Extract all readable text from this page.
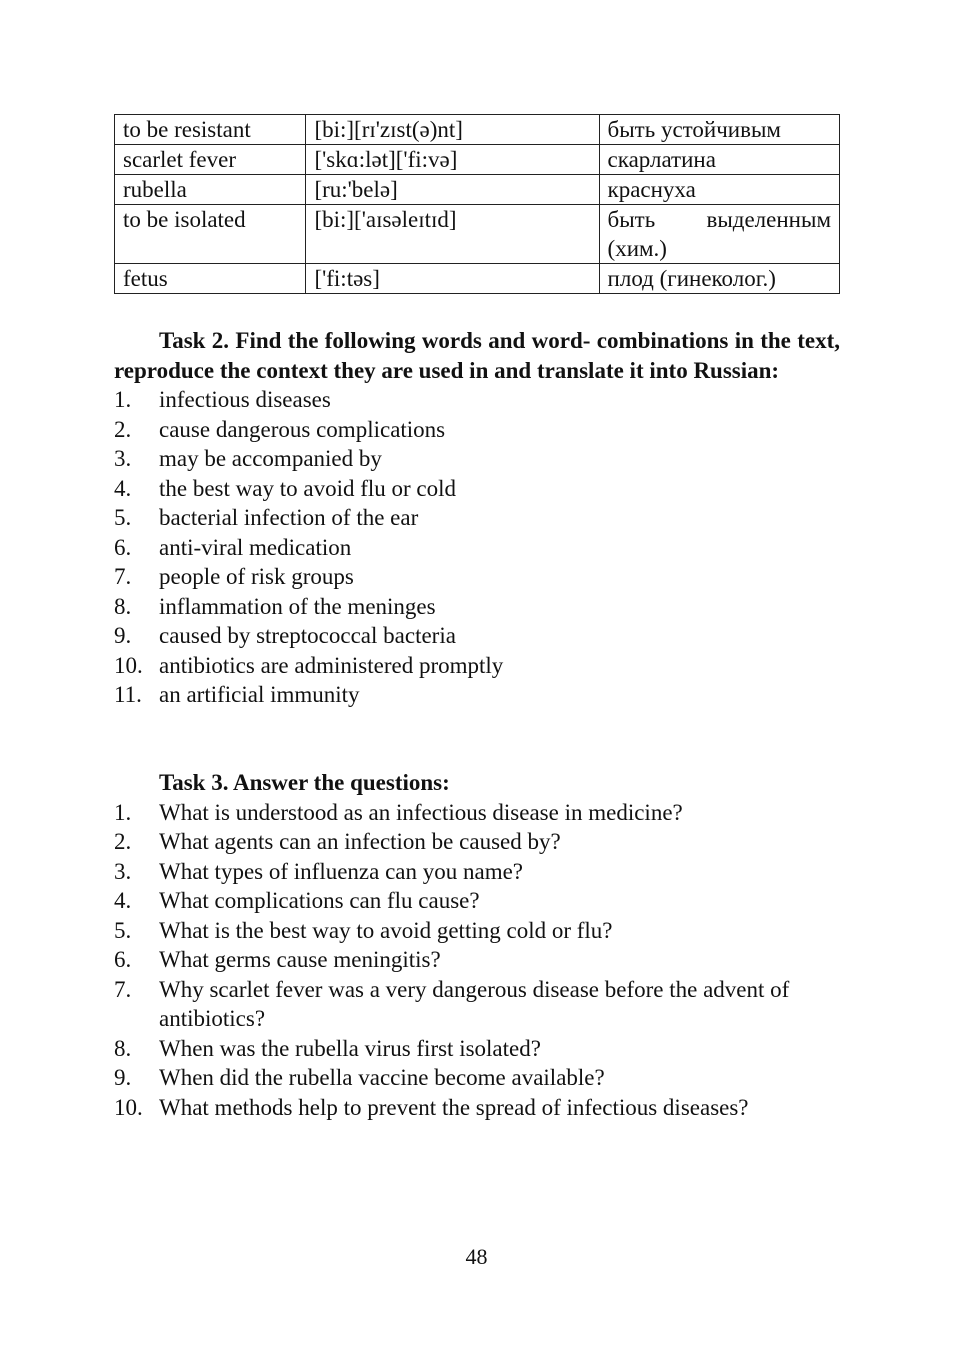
to be resistant	[bi:][rɪ'zɪst(ə)nt]	быть устойчивым
scarlet fever	['skɑ:lət]['fi:və]	скарлатина
rubella	[ru:'belə]	краснуха
to be isolated	[bi:]['aɪsəleɪtɪd]	быть выделенным (хим.)
fetus	['fi:təs]	плод (гинеколог.)
Task 2. Find the following words and word- combinations in the text, reproduce the context they are used in and translate it into Russian:
1. infectious diseases
2. cause dangerous complications
3. may be accompanied by
4. the best way to avoid flu or cold
5. bacterial infection of the ear
6. anti-viral medication
7. people of risk groups
8. inflammation of the meninges
9. caused by streptococcal bacteria
10. antibiotics are administered promptly
11. an artificial immunity
Task 3. Answer the questions:
1. What is understood as an infectious disease in medicine?
2. What agents can an infection be caused by?
3. What types of influenza can you name?
4. What complications can flu cause?
5. What is the best way to avoid getting cold or flu?
6. What germs cause meningitis?
7. Why scarlet fever was a very dangerous disease before the advent of antibiotics?
8. When was the rubella virus first isolated?
9. When did the rubella vaccine become available?
10. What methods help to prevent the spread of infectious diseases?
48
